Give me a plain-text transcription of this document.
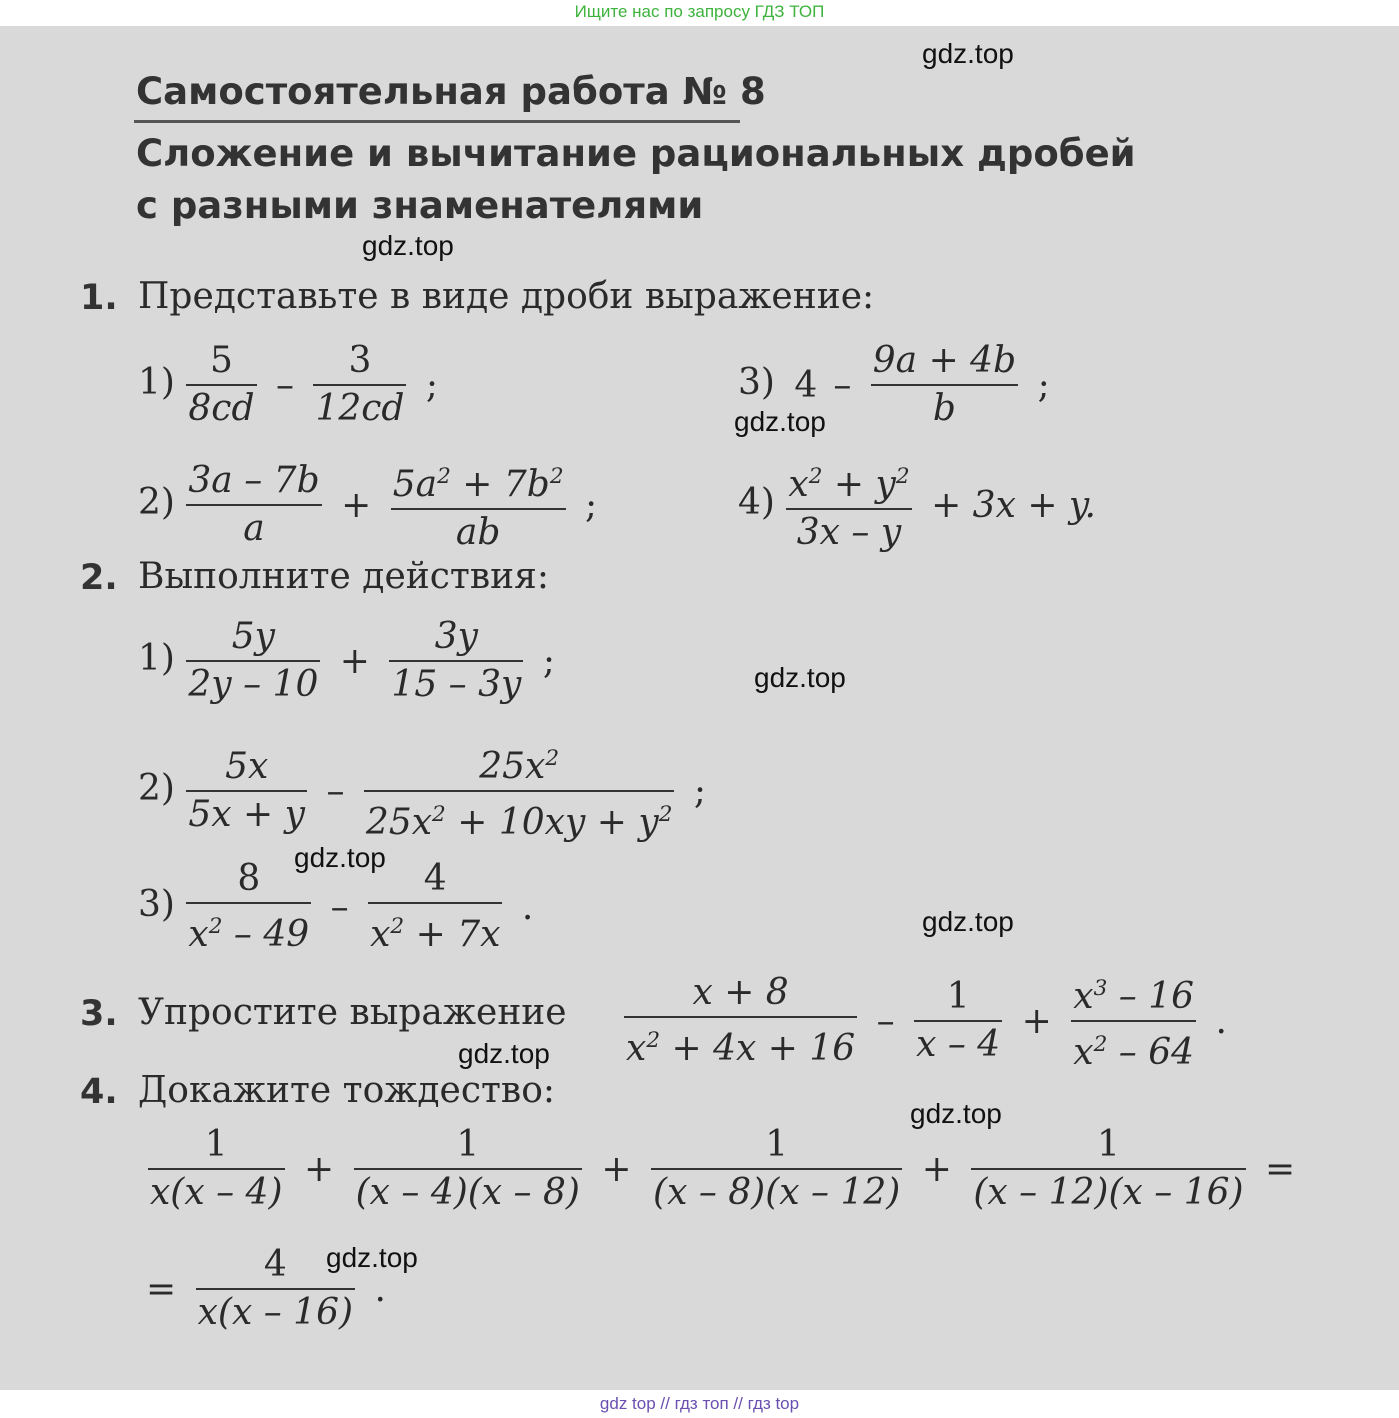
Ищите нас по запросу ГДЗ ТОП
Самостоятельная работа № 8
Сложение и вычитание рациональных дробей
с разными знаменателями
gdz.top
gdz.top
gdz.top
gdz.top
gdz.top
gdz.top
gdz.top
gdz.top
gdz.top
1. Представьте в виде дроби выражение:
$1) \frac{5}{8cd} - \frac{3}{12cd}$ ;	3) $4 - \frac{9a + 4b}{b}$ ;
$2) \frac{3a - 7b}{a} + \frac{5a^2 + 7b^2}{ab}$ ;	$4) \frac{x^2 + y^2}{3x - y} + 3x + y$.
2. Выполните действия:
$1) \frac{5y}{2y - 10} + \frac{3y}{15 - 3y}$ ;
$2) \frac{5x}{5x + y} - \frac{25x^2}{25x^2 + 10xy + y^2}$ ;
$3) \frac{8}{x^2 - 49} - \frac{4}{x^2 + 7x}$ .
3. Упростите выражение $\frac{x + 8}{x^2 + 4x + 16} - \frac{1}{x - 4} + \frac{x^3 - 16}{x^2 - 64}$ .
4. Докажите тождество:
$\frac{1}{x(x - 4)} + \frac{1}{(x - 4)(x - 8)} + \frac{1}{(x - 8)(x - 12)} + \frac{1}{(x - 12)(x - 16)}$ =
= $\frac{4}{x(x - 16)}$ .
gdz top // гдз топ // гдз top
